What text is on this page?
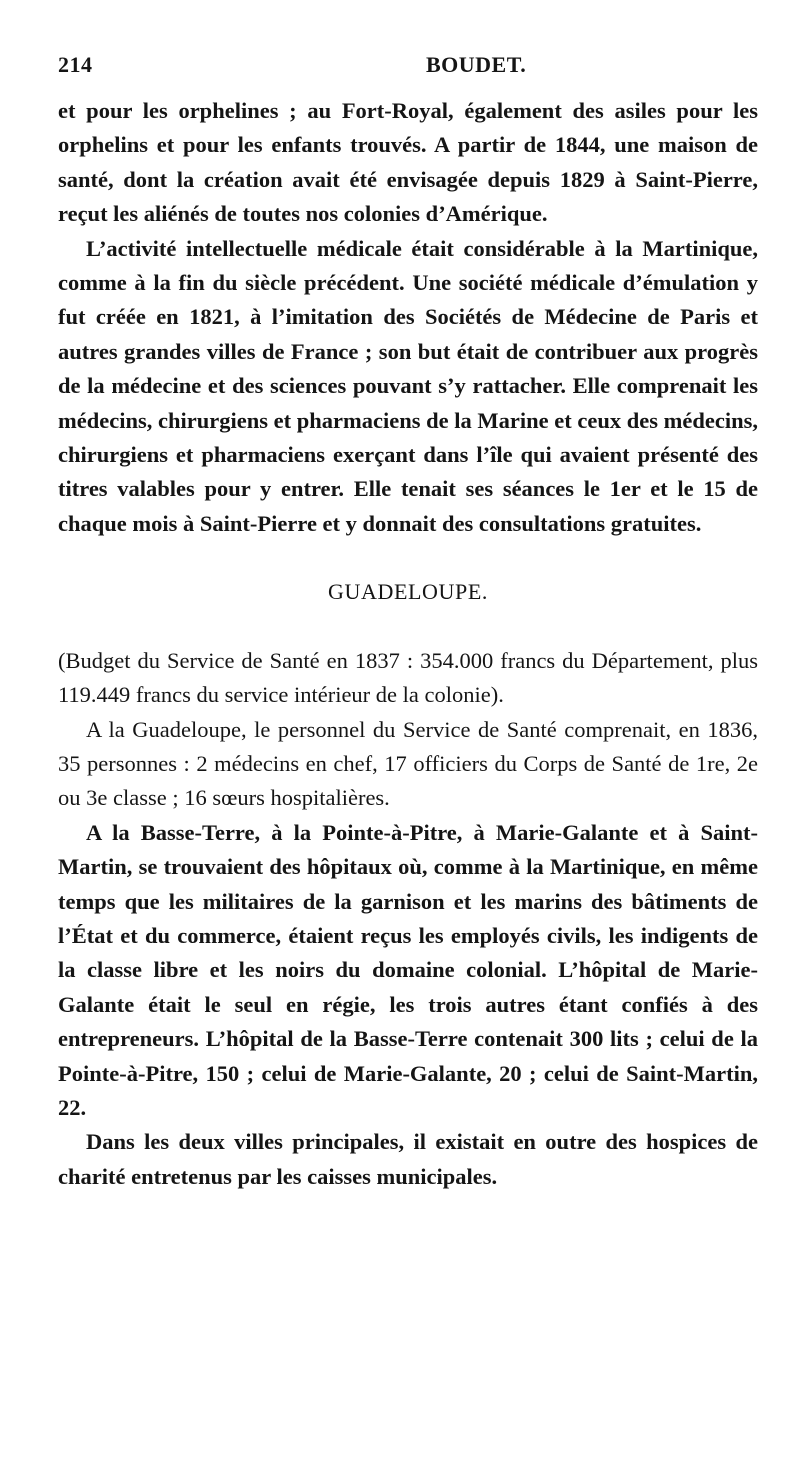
214	BOUDET.

et pour les orphelines ; au Fort-Royal, également des asiles pour les orphelins et pour les enfants trouvés. A partir de 1844, une maison de santé, dont la création avait été envisagée depuis 1829 à Saint-Pierre, reçut les aliénés de toutes nos colonies d’Amérique.

L’activité intellectuelle médicale était considérable à la Martinique, comme à la fin du siècle précédent. Une société médicale d’émulation y fut créée en 1821, à l’imitation des Sociétés de Médecine de Paris et autres grandes villes de France ; son but était de contribuer aux progrès de la médecine et des sciences pouvant s’y rattacher. Elle comprenait les médecins, chirurgiens et pharmaciens de la Marine et ceux des médecins, chirurgiens et pharmaciens exerçant dans l’île qui avaient présenté des titres valables pour y entrer. Elle tenait ses séances le 1er et le 15 de chaque mois à Saint-Pierre et y donnait des consultations gratuites.

GUADELOUPE.

(Budget du Service de Santé en 1837 : 354.000 francs du Département, plus 119.449 francs du service intérieur de la colonie).

A la Guadeloupe, le personnel du Service de Santé comprenait, en 1836, 35 personnes : 2 médecins en chef, 17 officiers du Corps de Santé de 1re, 2e ou 3e classe ; 16 sœurs hospitalières.

A la Basse-Terre, à la Pointe-à-Pitre, à Marie-Galante et à Saint-Martin, se trouvaient des hôpitaux où, comme à la Martinique, en même temps que les militaires de la garnison et les marins des bâtiments de l’État et du commerce, étaient reçus les employés civils, les indigents de la classe libre et les noirs du domaine colonial. L’hôpital de Marie-Galante était le seul en régie, les trois autres étant confiés à des entrepreneurs. L’hôpital de la Basse-Terre contenait 300 lits ; celui de la Pointe-à-Pitre, 150 ; celui de Marie-Galante, 20 ; celui de Saint-Martin, 22.

Dans les deux villes principales, il existait en outre des hospices de charité entretenus par les caisses municipales.
